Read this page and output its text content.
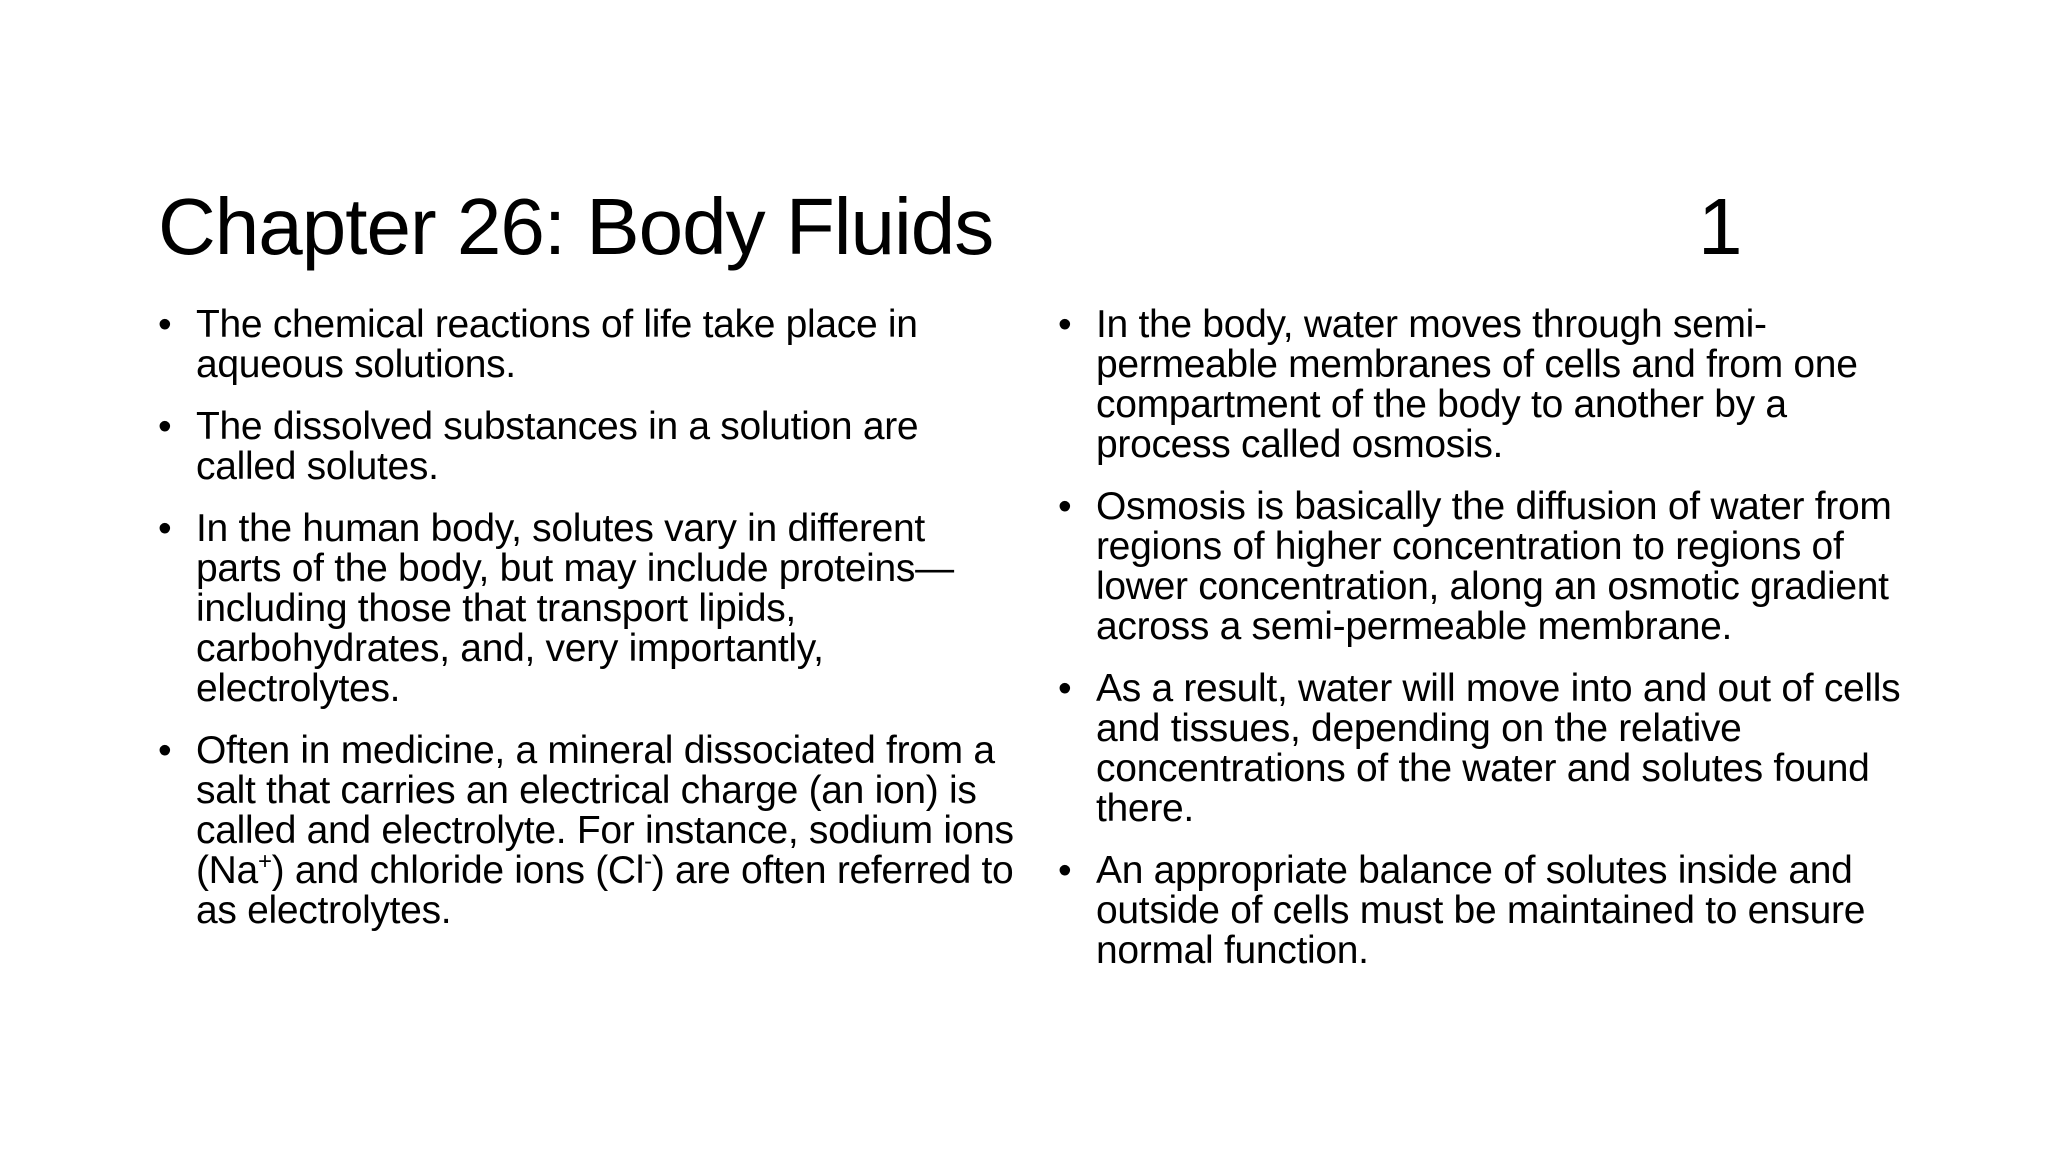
Chapter 26: Body Fluids	1
• The chemical reactions of life take place in aqueous solutions.
• The dissolved substances in a solution are called solutes.
• In the human body, solutes vary in different parts of the body, but may include proteins—including those that transport lipids, carbohydrates, and, very importantly, electrolytes.
• Often in medicine, a mineral dissociated from a salt that carries an electrical charge (an ion) is called and electrolyte. For instance, sodium ions (Na+) and chloride ions (Cl-) are often referred to as electrolytes.
• In the body, water moves through semi-permeable membranes of cells and from one compartment of the body to another by a process called osmosis.
• Osmosis is basically the diffusion of water from regions of higher concentration to regions of lower concentration, along an osmotic gradient across a semi-permeable membrane.
• As a result, water will move into and out of cells and tissues, depending on the relative concentrations of the water and solutes found there.
• An appropriate balance of solutes inside and outside of cells must be maintained to ensure normal function.
